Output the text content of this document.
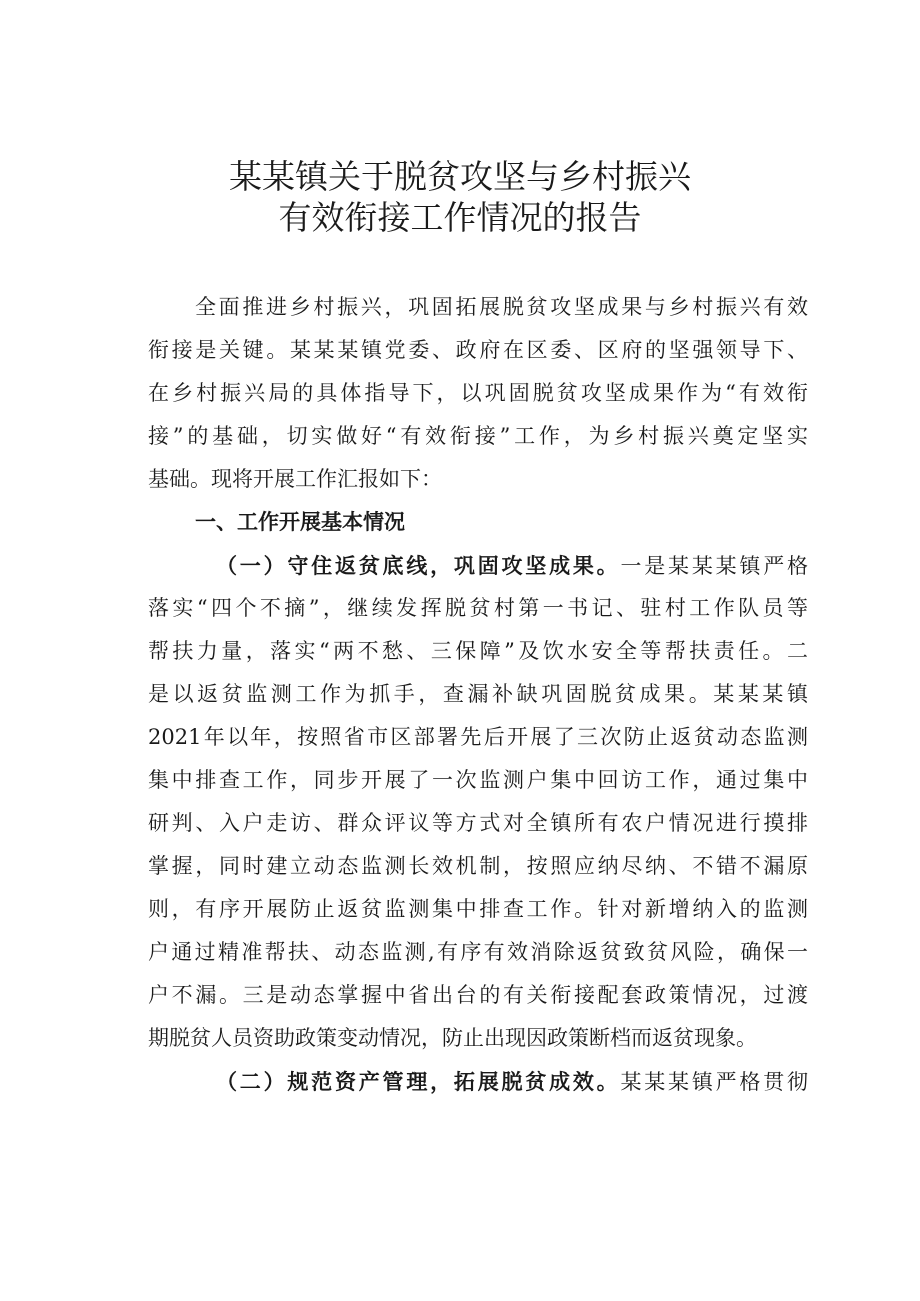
某某镇关于脱贫攻坚与乡村振兴
有效衔接工作情况的报告
全面推进乡村振兴，巩固拓展脱贫攻坚成果与乡村振兴有效
衔接是关键。某某某镇党委、政府在区委、区府的坚强领导下、
在乡村振兴局的具体指导下，以巩固脱贫攻坚成果作为“有效衔
接”的基础，切实做好“有效衔接”工作，为乡村振兴奠定坚实
基础。现将开展工作汇报如下：
一、工作开展基本情况
（一）守住返贫底线，巩固攻坚成果。一是某某某镇严格
落实“四个不摘”，继续发挥脱贫村第一书记、驻村工作队员等
帮扶力量，落实“两不愁、三保障”及饮水安全等帮扶责任。二
是以返贫监测工作为抓手，查漏补缺巩固脱贫成果。某某某镇
2021年以年，按照省市区部署先后开展了三次防止返贫动态监测
集中排查工作，同步开展了一次监测户集中回访工作，通过集中
研判、入户走访、群众评议等方式对全镇所有农户情况进行摸排
掌握，同时建立动态监测长效机制，按照应纳尽纳、不错不漏原
则，有序开展防止返贫监测集中排查工作。针对新增纳入的监测
户通过精准帮扶、动态监测,有序有效消除返贫致贫风险，确保一
户不漏。三是动态掌握中省出台的有关衔接配套政策情况，过渡
期脱贫人员资助政策变动情况，防止出现因政策断档而返贫现象。
（二）规范资产管理，拓展脱贫成效。某某某镇严格贯彻
